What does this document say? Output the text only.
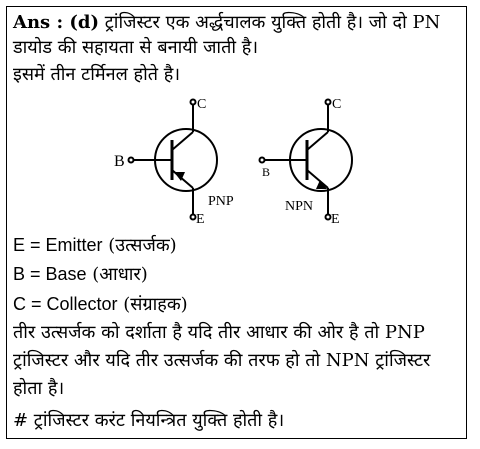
Ans : (d) ट्रांजिस्टर एक अर्द्धचालक युक्ति होती है। जो दो PN
डायोड की सहायता से बनायी जाती है।
इसमें तीन टर्मिनल होते है।
C
B
E
PNP
C
B
E
NPN
E = Emitter (उत्सर्जक)
B = Base (आधार)
C = Collector (संग्राहक)
तीर उत्सर्जक को दर्शाता है यदि तीर आधार की ओर है तो PNP
ट्रांजिस्टर और यदि तीर उत्सर्जक की तरफ हो तो NPN ट्रांजिस्टर
होता है।
# ट्रांजिस्टर करंट नियन्त्रित युक्ति होती है।
